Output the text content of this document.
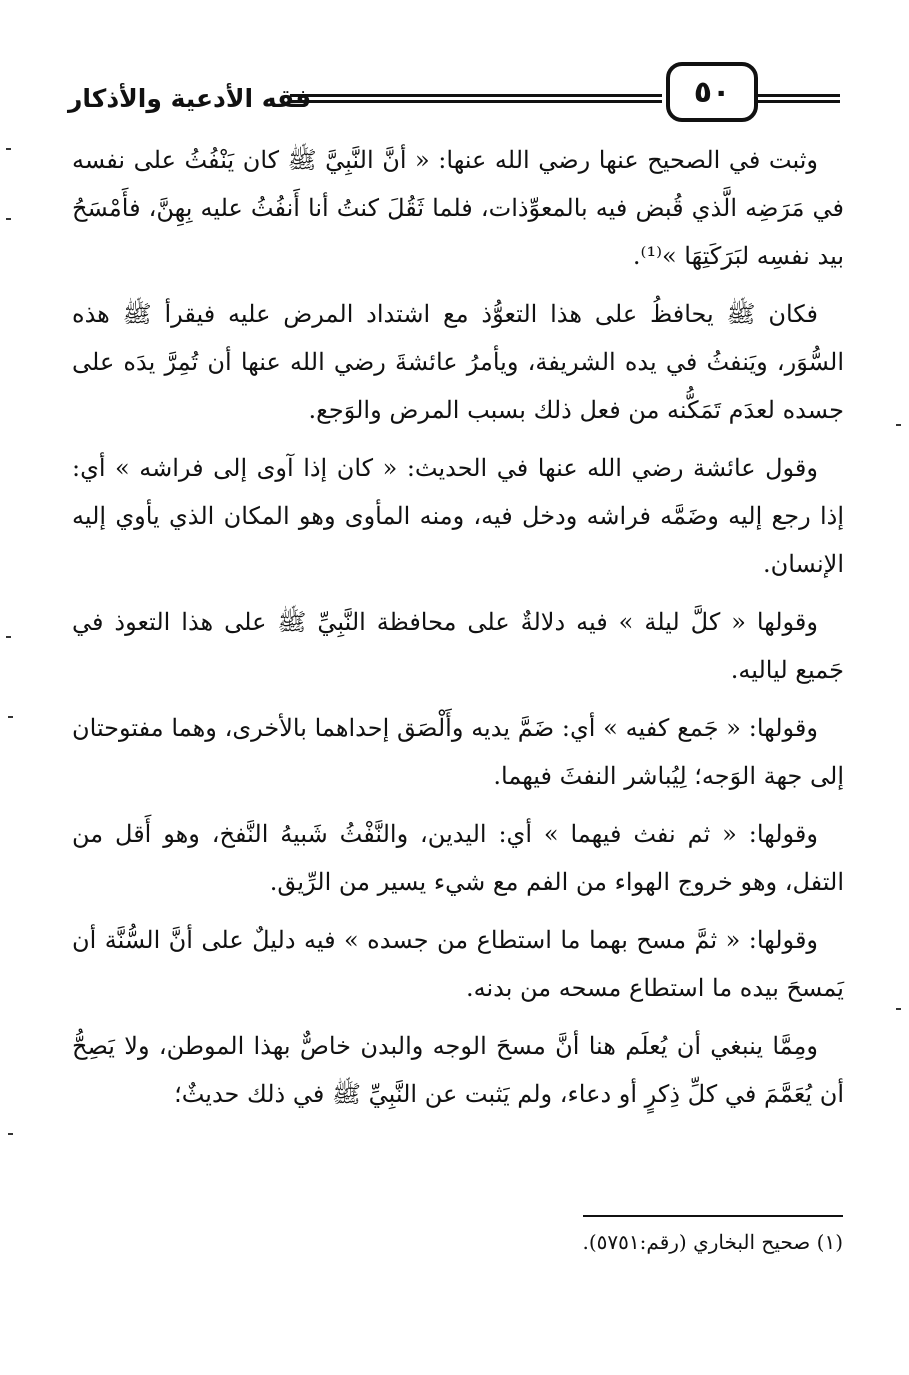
فقه الأدعية والأذكار	٥٠

وثبت في الصحيح عنها رضي الله عنها: « أنَّ النَّبِيَّ ﷺ كان يَنْفُثُ على نفسه في مَرَضِه الَّذي قُبض فيه بالمعوِّذات، فلما ثَقُلَ كنتُ أنا أَنفُثُ عليه بِهِنَّ، فأَمْسَحُ بيد نفسِه لبَرَكَتِهَا »⁽¹⁾.

فكان ﷺ يحافظُ على هذا التعوُّذ مع اشتداد المرض عليه فيقرأ ﷺ هذه السُّوَر، ويَنفثُ في يده الشريفة، ويأمرُ عائشةَ رضي الله عنها أن تُمِرَّ يدَه على جسده لعدَم تَمَكُّنه من فعل ذلك بسبب المرض والوَجع.

وقول عائشة رضي الله عنها في الحديث: « كان إذا آوى إلى فراشه » أي: إذا رجع إليه وضَمَّه فراشه ودخل فيه، ومنه المأوى وهو المكان الذي يأوي إليه الإنسان.

وقولها « كلَّ ليلة » فيه دلالةٌ على محافظة النَّبِيِّ ﷺ على هذا التعوذ في جَميع لياليه.

وقولها: « جَمع كفيه » أي: ضَمَّ يديه وأَلْصَق إحداهما بالأخرى، وهما مفتوحتان إلى جهة الوَجه؛ لِيُباشر النفثَ فيهما.

وقولها: « ثم نفث فيهما » أي: اليدين، والنَّفْثُ شَبيهُ النَّفخ، وهو أَقل من التفل، وهو خروج الهواء من الفم مع شيء يسير من الرِّيق.

وقولها: « ثمَّ مسح بهما ما استطاع من جسده » فيه دليلٌ على أنَّ السُّنَّة أن يَمسحَ بيده ما استطاع مسحه من بدنه.

ومِمَّا ينبغي أن يُعلَم هنا أنَّ مسحَ الوجه والبدن خاصٌّ بهذا الموطن، ولا يَصِحُّ أن يُعَمَّمَ في كلِّ ذِكرٍ أو دعاء، ولم يَثبت عن النَّبِيِّ ﷺ في ذلك حديثٌ؛

(١) صحيح البخاري (رقم:٥٧٥١).
